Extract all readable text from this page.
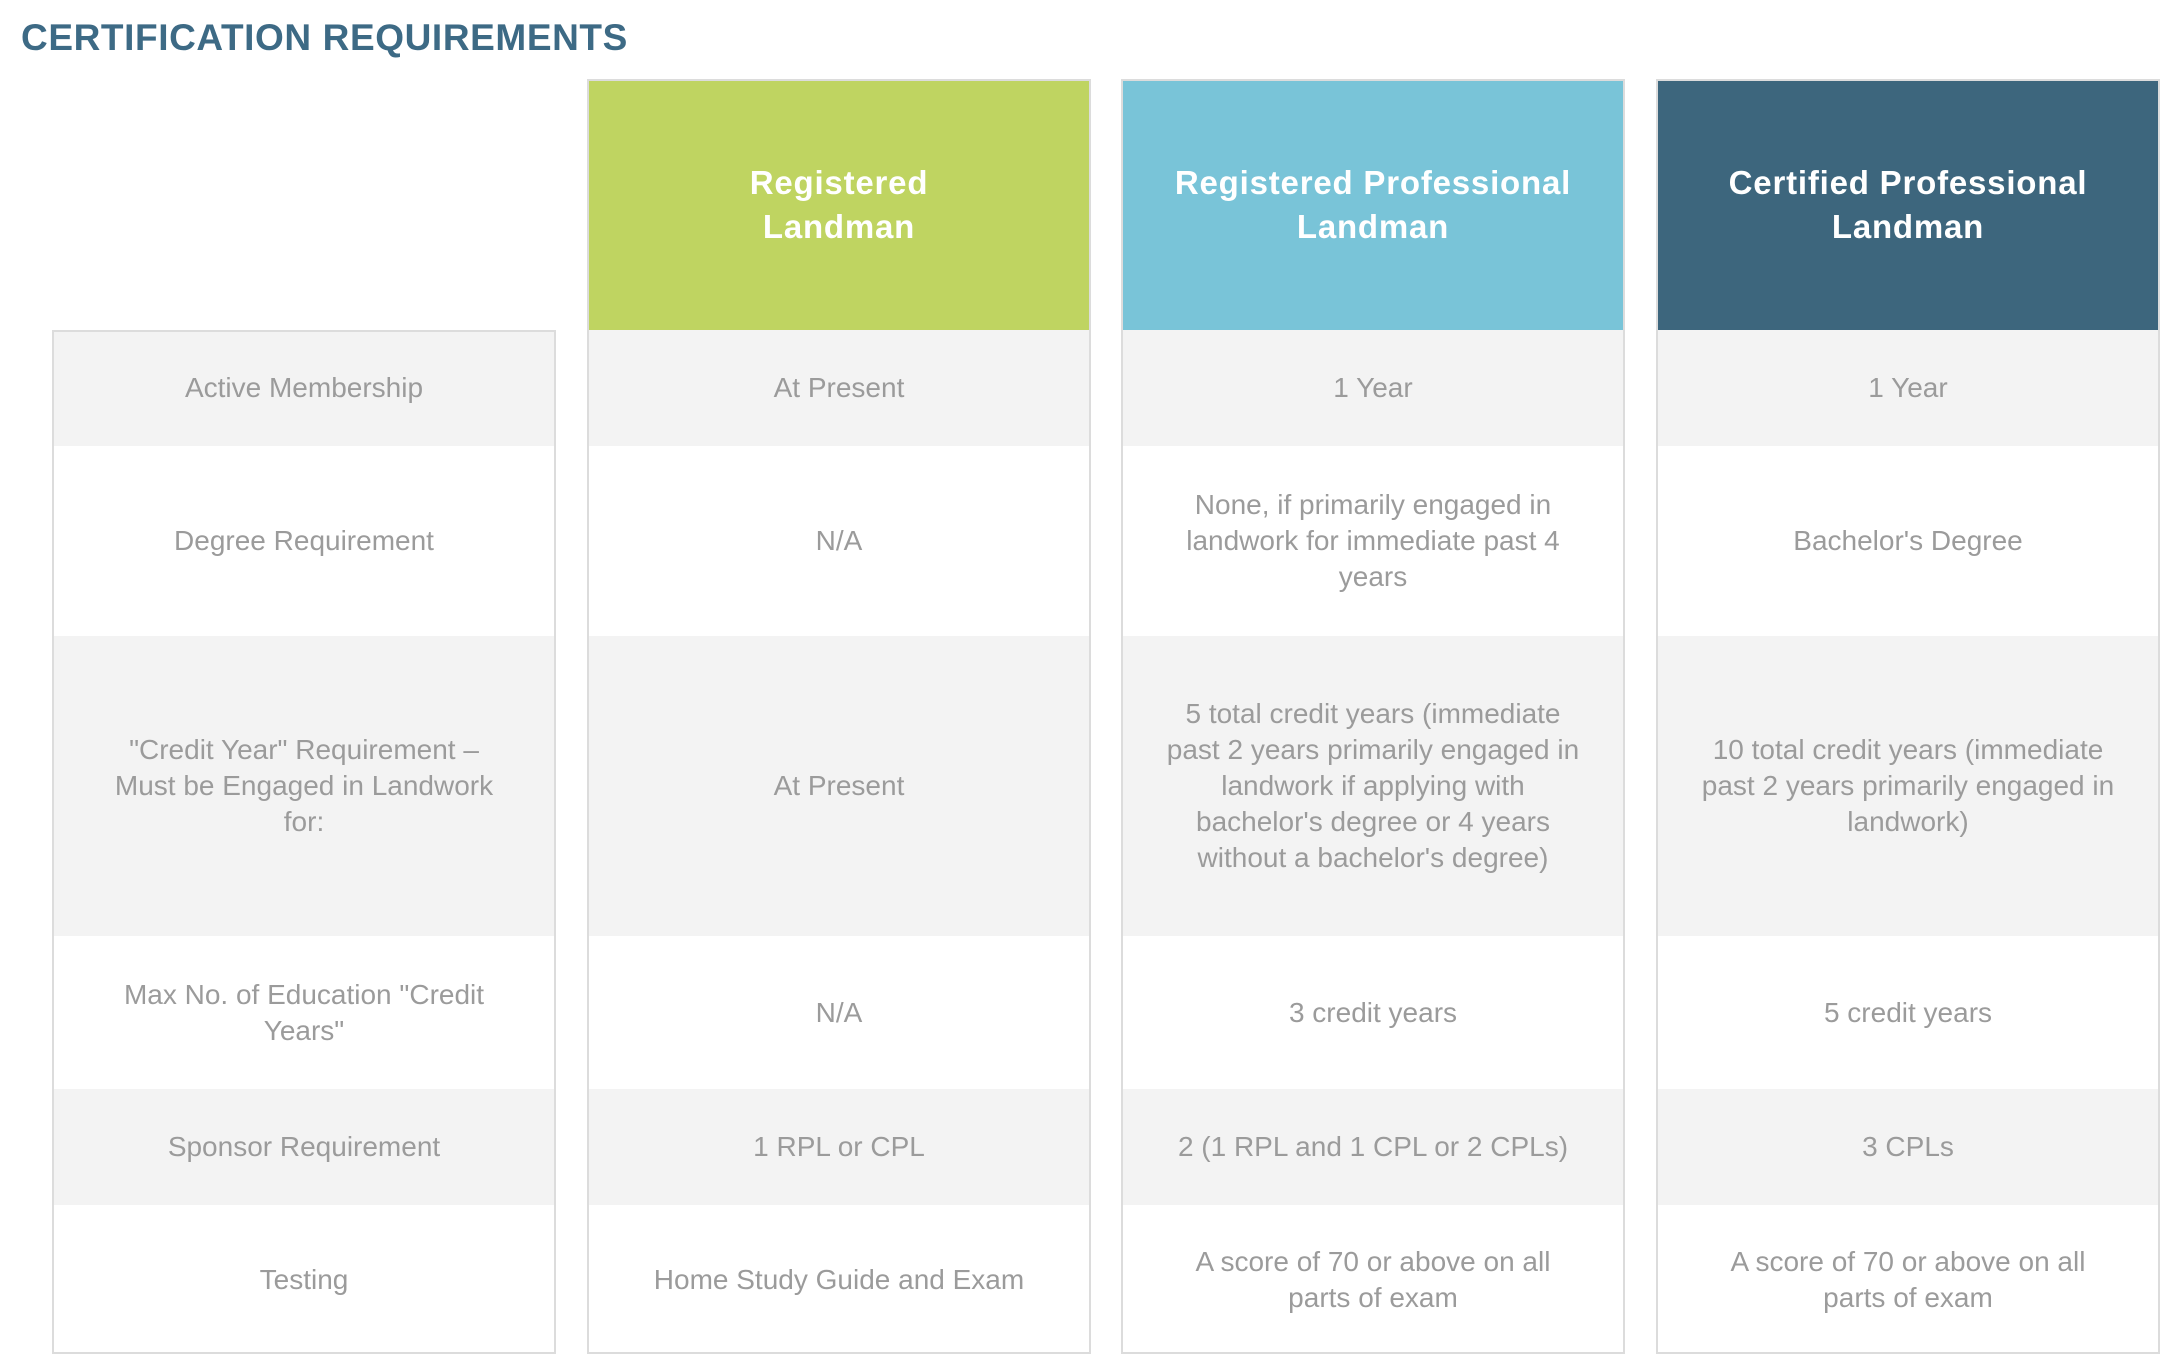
CERTIFICATION REQUIREMENTS
Active Membership
Degree Requirement
"Credit Year" Requirement – Must be Engaged in Landwork for:
Max No. of Education "Credit Years"
Sponsor Requirement
Testing
Registered Landman
At Present
N/A
At Present
N/A
1 RPL or CPL
Home Study Guide and Exam
Registered Professional Landman
1 Year
None, if primarily engaged in landwork for immediate past 4 years
5 total credit years (immediate past 2 years primarily engaged in landwork if applying with bachelor's degree or 4 years without a bachelor's degree)
3 credit years
2 (1 RPL and 1 CPL or 2 CPLs)
A score of 70 or above on all parts of exam
Certified Professional Landman
1 Year
Bachelor's Degree
10 total credit years (immediate past 2 years primarily engaged in landwork)
5 credit years
3 CPLs
A score of 70 or above on all parts of exam
